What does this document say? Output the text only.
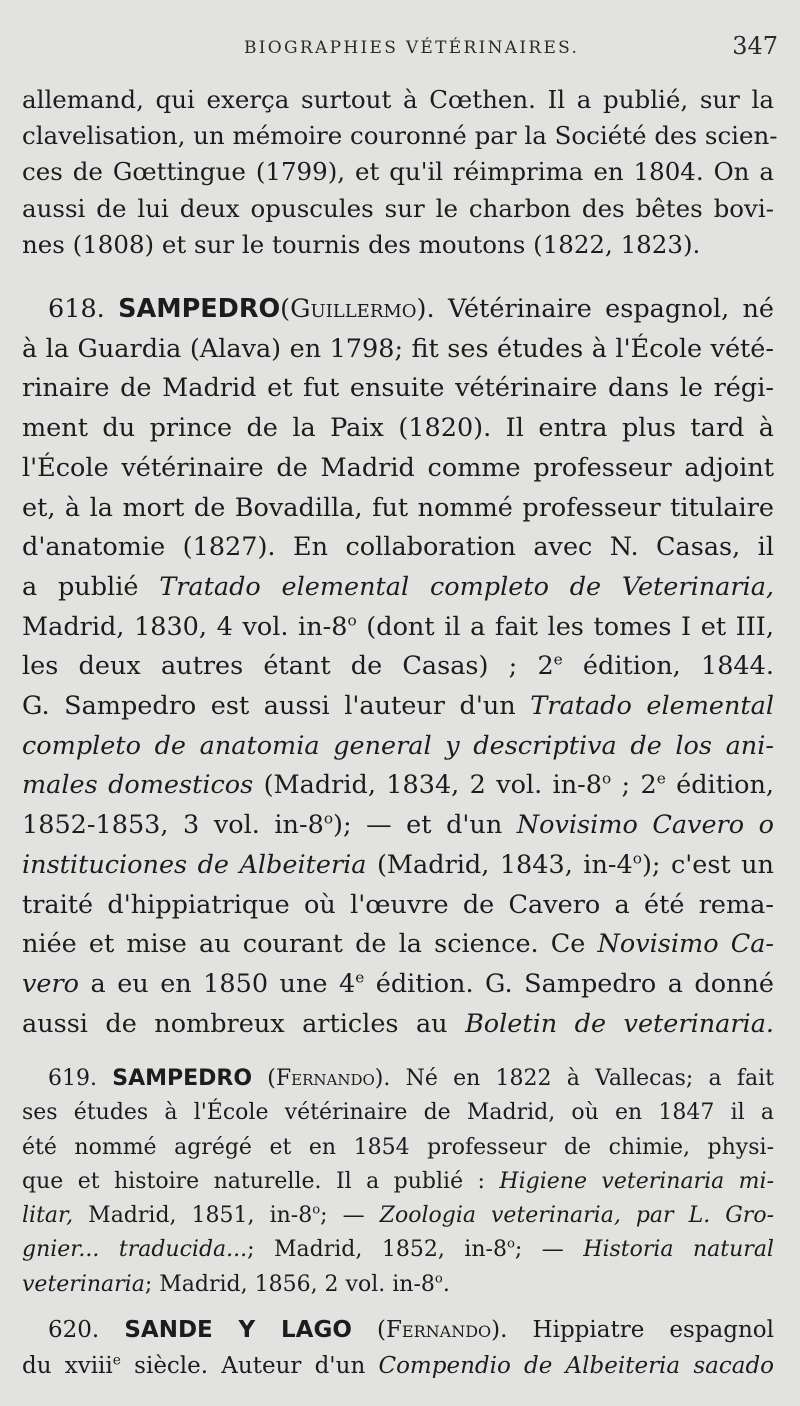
BIOGRAPHIES VÉTÉRINAIRES.	347
allemand, qui exerça surtout à Cœthen. Il a publié, sur la
clavelisation, un mémoire couronné par la Société des scien-
ces de Gœttingue (1799), et qu'il réimprima en 1804. On a
aussi de lui deux opuscules sur le charbon des bêtes bovi-
nes (1808) et sur le tournis des moutons (1822, 1823).
618. SAMPEDRO(Guillermo). Vétérinaire espagnol, né
à la Guardia (Alava) en 1798; fit ses études à l'École vété-
rinaire de Madrid et fut ensuite vétérinaire dans le régi-
ment du prince de la Paix (1820). Il entra plus tard à
l'École vétérinaire de Madrid comme professeur adjoint
et, à la mort de Bovadilla, fut nommé professeur titulaire
d'anatomie (1827). En collaboration avec N. Casas, il
a publié Tratado elemental completo de Veterinaria,
Madrid, 1830, 4 vol. in-8$^o$ (dont il a fait les tomes I et III,
les deux autres étant de Casas) ; 2e édition, 1844.
G. Sampedro est aussi l'auteur d'un Tratado elemental
completo de anatomia general y descriptiva de los ani-
males domesticos (Madrid, 1834, 2 vol. in-8$^o$ ; 2e édition,
1852-1853, 3 vol. in-8$^o$); — et d'un Novisimo Cavero o
instituciones de Albeiteria (Madrid, 1843, in-4$^o$); c'est un
traité d'hippiatrique où l'œuvre de Cavero a été rema-
niée et mise au courant de la science. Ce Novisimo Ca-
vero a eu en 1850 une 4e édition. G. Sampedro a donné
aussi de nombreux articles au Boletin de veterinaria.
619. SAMPEDRO (Fernando). Né en 1822 à Vallecas; a fait
ses études à l'École vétérinaire de Madrid, où en 1847 il a
été nommé agrégé et en 1854 professeur de chimie, physi-
que et histoire naturelle. Il a publié : Higiene veterinaria mi-
litar, Madrid, 1851, in-8$^o$; — Zoologia veterinaria, par L. Gro-
gnier... traducida...; Madrid, 1852, in-8$^o$; — Historia natural
veterinaria; Madrid, 1856, 2 vol. in-8$^o$.
620. SANDE Y LAGO (Fernando). Hippiatre espagnol
du xviii$^e$ siècle. Auteur d'un Compendio de Albeiteria sacado
